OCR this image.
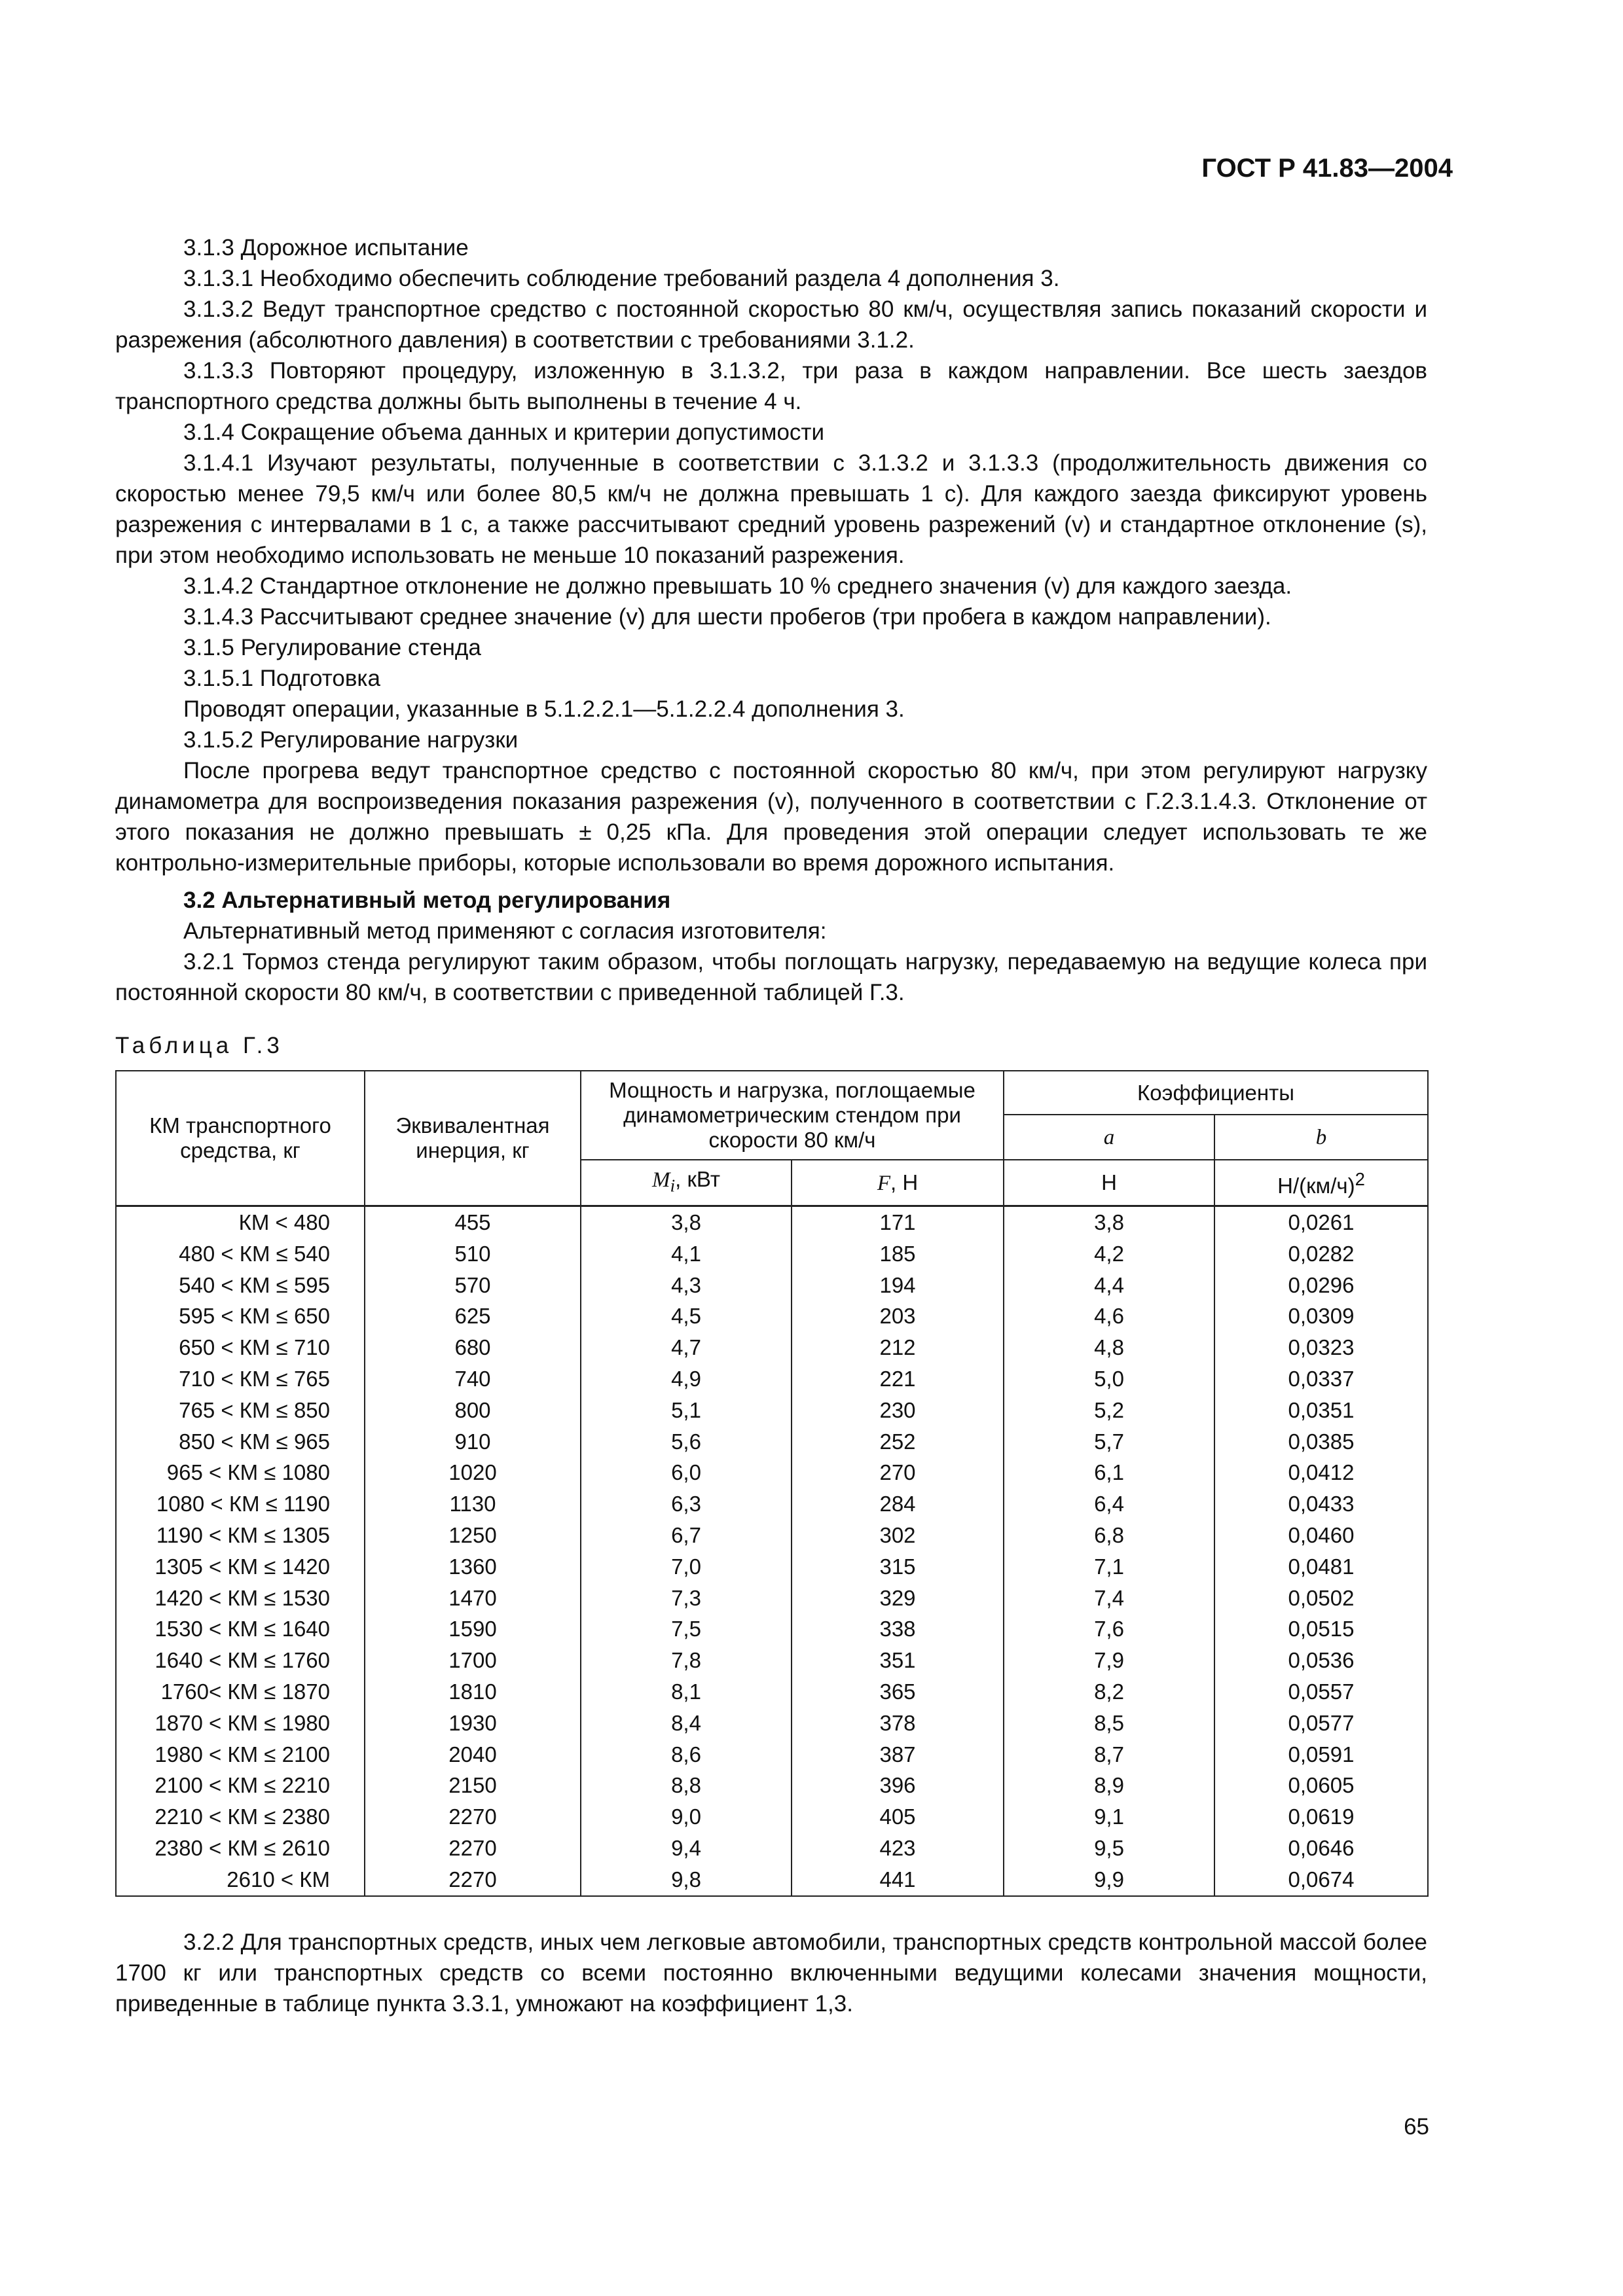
ГОСТ Р 41.83—2004

3.1.3 Дорожное испытание

3.1.3.1 Необходимо обеспечить соблюдение требований раздела 4 дополнения 3.

3.1.3.2 Ведут транспортное средство с постоянной скоростью 80 км/ч, осуществляя запись показаний скорости и разрежения (абсолютного давления) в соответствии с требованиями 3.1.2.

3.1.3.3 Повторяют процедуру, изложенную в 3.1.3.2, три раза в каждом направлении. Все шесть заездов транспортного средства должны быть выполнены в течение 4 ч.

3.1.4 Сокращение объема данных и критерии допустимости

3.1.4.1 Изучают результаты, полученные в соответствии с 3.1.3.2 и 3.1.3.3 (продолжительность движения со скоростью менее 79,5 км/ч или более 80,5 км/ч не должна превышать 1 с). Для каждого заезда фиксируют уровень разрежения с интервалами в 1 с, а также рассчитывают средний уровень разрежений (v) и стандартное отклонение (s), при этом необходимо использовать не меньше 10 показаний разрежения.

3.1.4.2 Стандартное отклонение не должно превышать 10 % среднего значения (v) для каждого заезда.

3.1.4.3 Рассчитывают среднее значение (v) для шести пробегов (три пробега в каждом направлении).

3.1.5 Регулирование стенда

3.1.5.1 Подготовка

Проводят операции, указанные в 5.1.2.2.1—5.1.2.2.4 дополнения 3.

3.1.5.2 Регулирование нагрузки

После прогрева ведут транспортное средство с постоянной скоростью 80 км/ч, при этом регулируют нагрузку динамометра для воспроизведения показания разрежения (v), полученного в соответствии с Г.2.3.1.4.3. Отклонение от этого показания не должно превышать ± 0,25 кПа. Для проведения этой операции следует использовать те же контрольно-измерительные приборы, которые использовали во время дорожного испытания.

3.2 Альтернативный метод регулирования

Альтернативный метод применяют с согласия изготовителя:

3.2.1 Тормоз стенда регулируют таким образом, чтобы поглощать нагрузку, передаваемую на ведущие колеса при постоянной скорости 80 км/ч, в соответствии с приведенной таблицей Г.3.

Таблица Г.3
КМ транспортного средства, кг	Эквивалентная инерция, кг	Мощность и нагрузка, поглощаемые динамометрическим стендом при скорости 80 км/ч		Коэффициенты	
				a	b
		$M_i$, кВт	F, Н	Н	$Н/(км/ч)^2$
КМ < 480	455	3,8	171	3,8	0,0261
480 < КМ ≤ 540	510	4,1	185	4,2	0,0282
540 < КМ ≤ 595	570	4,3	194	4,4	0,0296
595 < КМ ≤ 650	625	4,5	203	4,6	0,0309
650 < КМ ≤ 710	680	4,7	212	4,8	0,0323
710 < КМ ≤ 765	740	4,9	221	5,0	0,0337
765 < КМ ≤ 850	800	5,1	230	5,2	0,0351
850 < КМ ≤ 965	910	5,6	252	5,7	0,0385
965 < КМ ≤ 1080	1020	6,0	270	6,1	0,0412
1080 < КМ ≤ 1190	1130	6,3	284	6,4	0,0433
1190 < КМ ≤ 1305	1250	6,7	302	6,8	0,0460
1305 < КМ ≤ 1420	1360	7,0	315	7,1	0,0481
1420 < КМ ≤ 1530	1470	7,3	329	7,4	0,0502
1530 < КМ ≤ 1640	1590	7,5	338	7,6	0,0515
1640 < КМ ≤ 1760	1700	7,8	351	7,9	0,0536
1760< КМ ≤ 1870	1810	8,1	365	8,2	0,0557
1870 < КМ ≤ 1980	1930	8,4	378	8,5	0,0577
1980 < КМ ≤ 2100	2040	8,6	387	8,7	0,0591
2100 < КМ ≤ 2210	2150	8,8	396	8,9	0,0605
2210 < КМ ≤ 2380	2270	9,0	405	9,1	0,0619
2380 < КМ ≤ 2610	2270	9,4	423	9,5	0,0646
2610 < КМ	2270	9,8	441	9,9	0,0674

3.2.2 Для транспортных средств, иных чем легковые автомобили, транспортных средств контрольной массой более 1700 кг или транспортных средств со всеми постоянно включенными ведущими колесами значения мощности, приведенные в таблице пункта 3.3.1, умножают на коэффициент 1,3.

65
